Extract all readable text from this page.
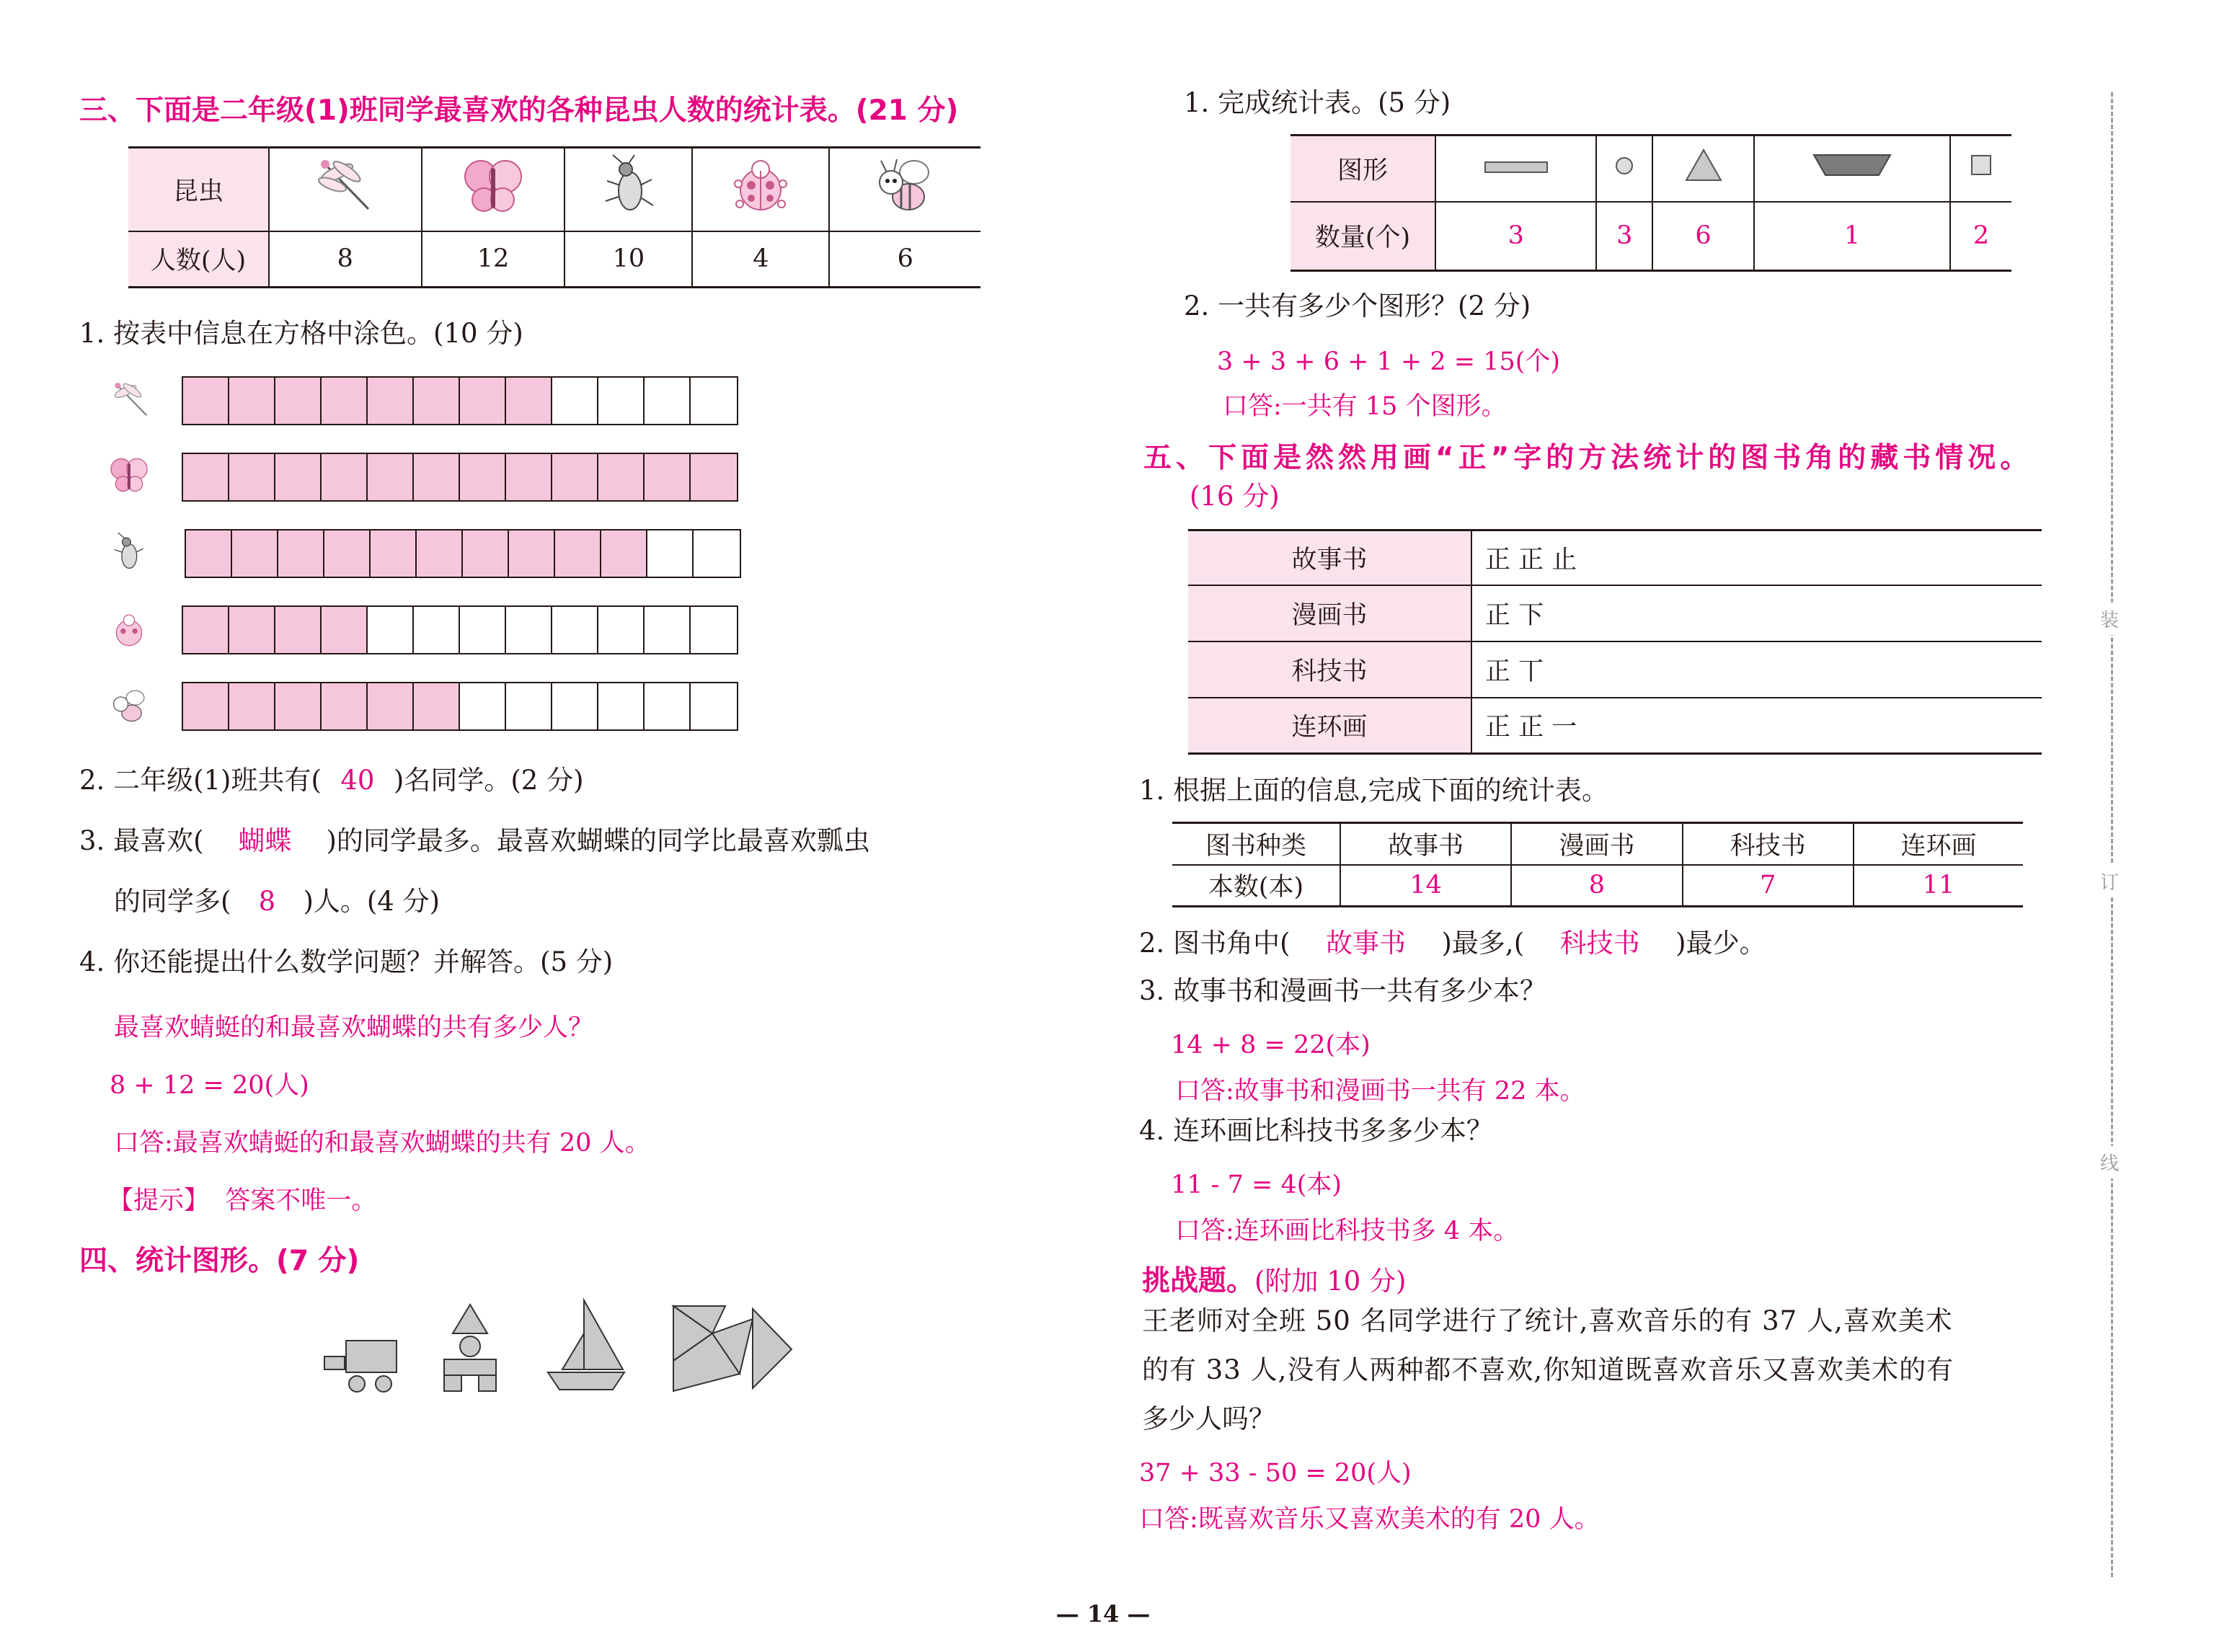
三、下面是二年级(1)班同学最喜欢的各种昆虫人数的统计表。(21 分)
昆虫					
人数(人)	8	12	10	4	6
1. 按表中信息在方格中涂色。(10 分)
2. 二年级(1)班共有( 40 )名同学。(2 分)
3. 最喜欢( 蝴蝶 )的同学最多。最喜欢蝴蝶的同学比最喜欢瓢虫
的同学多( 8 )人。(4 分)
4. 你还能提出什么数学问题？并解答。(5 分)
最喜欢蜻蜓的和最喜欢蝴蝶的共有多少人？
8 + 12 = 20(人)
口答:最喜欢蜻蜓的和最喜欢蝴蝶的共有 20 人。
【提示】 答案不唯一。
四、统计图形。(7 分)
1. 完成统计表。(5 分)
图形					
数量(个)	3	3	6	1	2
2. 一共有多少个图形？(2 分)
3 + 3 + 6 + 1 + 2 = 15(个)
口答:一共有 15 个图形。
五、下面是然然用画“正”字的方法统计的图书角的藏书情况。
(16 分)
故事书	正 正 止
漫画书	正 下
科技书	正 丅
连环画	正 正 一
1. 根据上面的信息,完成下面的统计表。
图书种类	故事书	漫画书	科技书	连环画
本数(本)	14	8	7	11
2. 图书角中( 故事书 )最多,( 科技书 )最少。
3. 故事书和漫画书一共有多少本？
14 + 8 = 22(本)
口答:故事书和漫画书一共有 22 本。
4. 连环画比科技书多多少本？
11 - 7 = 4(本)
口答:连环画比科技书多 4 本。
挑战题。(附加 10 分)
王老师对全班 50 名同学进行了统计,喜欢音乐的有 37 人,喜欢美术
的有 33 人,没有人两种都不喜欢,你知道既喜欢音乐又喜欢美术的有
多少人吗？
37 + 33 - 50 = 20(人)
口答:既喜欢音乐又喜欢美术的有 20 人。
装
订
线
— 14 —
